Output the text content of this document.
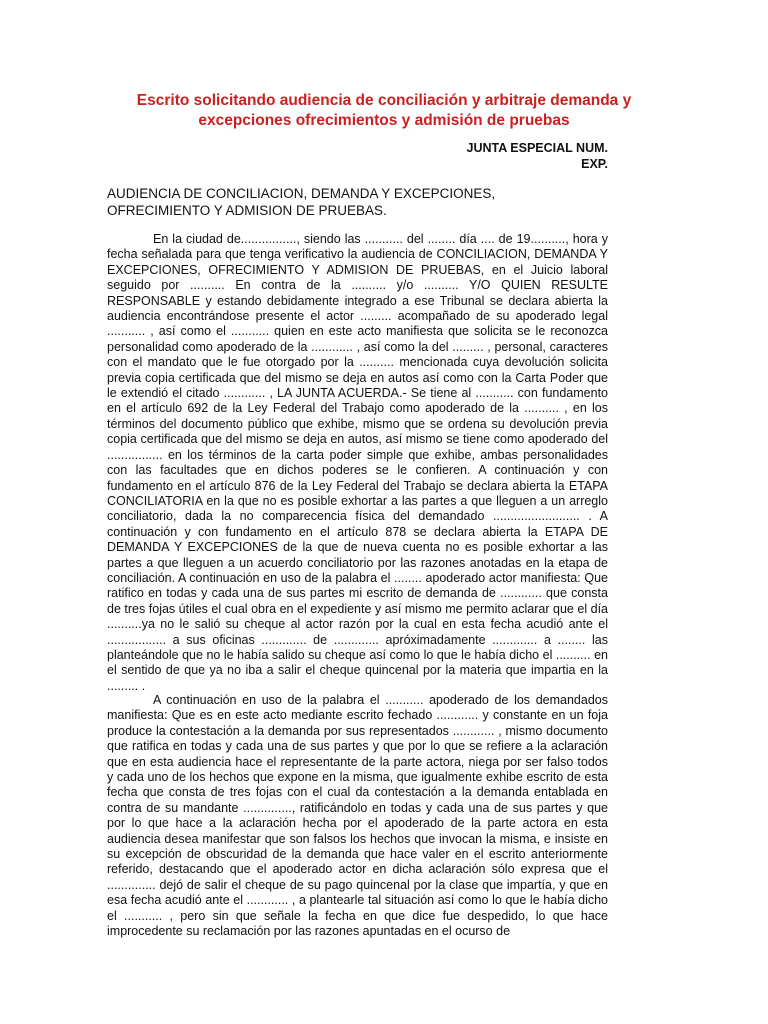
Escrito solicitando audiencia de conciliación y arbitraje demanda y
excepciones ofrecimientos y admisión de pruebas
JUNTA ESPECIAL NUM.
EXP.
AUDIENCIA DE CONCILIACION, DEMANDA Y EXCEPCIONES,
OFRECIMIENTO Y ADMISION DE PRUEBAS.

En la ciudad de................, siendo las ........... del ........ día .... de 19.........., hora y fecha señalada para que tenga verificativo la audiencia de CONCILIACION, DEMANDA Y EXCEPCIONES, OFRECIMIENTO Y ADMISION DE PRUEBAS, en el Juicio laboral seguido por .......... En contra de la .......... y/o .......... Y/O QUIEN RESULTE RESPONSABLE y estando debidamente integrado a ese Tribunal se declara abierta la audiencia encontrándose presente el actor ......... acompañado de su apoderado legal ........... , así como el ........... quien en este acto manifiesta que solicita se le reconozca personalidad como apoderado de la ............ , así como la del ......... , personal, caracteres con el mandato que le fue otorgado por la .......... mencionada cuya devolución solicita previa copia certificada que del mismo se deja en autos así como con la Carta Poder que le extendió el citado ............ , LA JUNTA ACUERDA.- Se tiene al ........... con fundamento en el artículo 692 de la Ley Federal del Trabajo como apoderado de la .......... , en los términos del documento público que exhibe, mismo que se ordena su devolución previa copia certificada que del mismo se deja en autos, así mismo se tiene como apoderado del ................ en los términos de la carta poder simple que exhibe, ambas personalidades con las facultades que en dichos poderes se le confieren. A continuación y con fundamento en el artículo 876 de la Ley Federal del Trabajo se declara abierta la ETAPA CONCILIATORIA en la que no es posible exhortar a las partes a que lleguen a un arreglo conciliatorio, dada la no comparecencia física del demandado ......................... . A continuación y con fundamento en el artículo 878 se declara abierta la ETAPA DE DEMANDA Y EXCEPCIONES de la que de nueva cuenta no es posible exhortar a las partes a que lleguen a un acuerdo conciliatorio por las razones anotadas en la etapa de conciliación. A continuación en uso de la palabra el ........ apoderado actor manifiesta: Que ratifico en todas y cada una de sus partes mi escrito de demanda de ............ que consta de tres fojas útiles el cual obra en el expediente y así mismo me permito aclarar que el día ..........ya no le salió su cheque al actor razón por la cual en esta fecha acudió ante el ................. a sus oficinas ............. de ............. apróximadamente ............. a ........ las planteándole que no le había salido su cheque así como lo que le había dicho el .......... en el sentido de que ya no iba a salir el cheque quincenal por la materia que impartia en la ......... .

A continuación en uso de la palabra el ........... apoderado de los demandados manifiesta: Que es en este acto mediante escrito fechado ............ y constante en un foja produce la contestación a la demanda por sus representados ............ , mismo documento que ratifica en todas y cada una de sus partes y que por lo que se refiere a la aclaración que en esta audiencia hace el representante de la parte actora, niega por ser falso todos y cada uno de los hechos que expone en la misma, que igualmente exhibe escrito de esta fecha que consta de tres fojas con el cual da contestación a la demanda entablada en contra de su mandante .............., ratificándolo en todas y cada una de sus partes y que por lo que hace a la aclaración hecha por el apoderado de la parte actora en esta audiencia desea manifestar que son falsos los hechos que invocan la misma, e insiste en su excepción de obscuridad de la demanda que hace valer en el escrito anteriormente referido, destacando que el apoderado actor en dicha aclaración sólo expresa que el .............. dejó de salir el cheque de su pago quincenal por la clase que impartía, y que en esa fecha acudió ante el ............ , a plantearle tal situación así como lo que le había dicho el ........... , pero sin que señale la fecha en que dice fue despedido, lo que hace improcedente su reclamación por las razones apuntadas en el ocurso de
